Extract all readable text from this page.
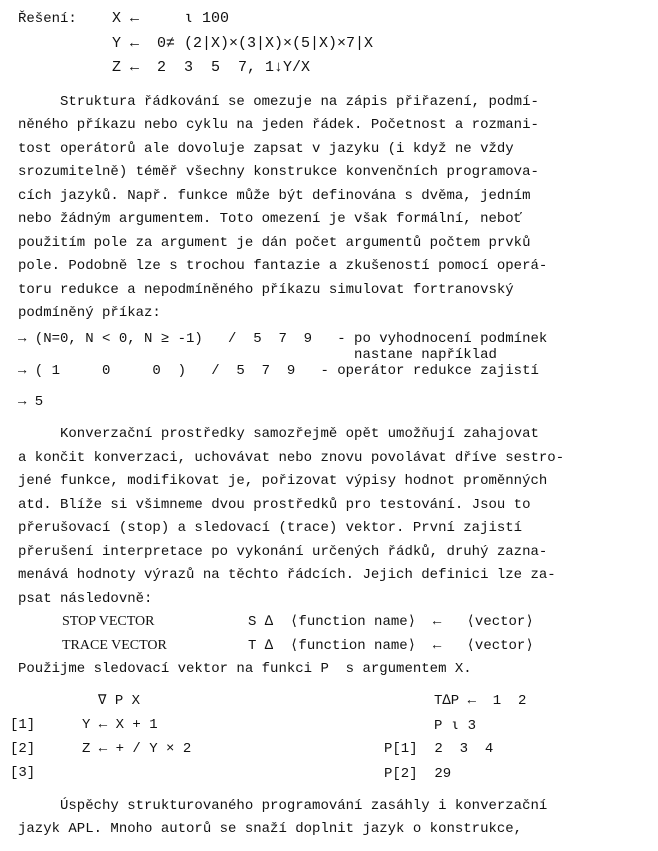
Řešení: X ←     ⍳ 100
Y ←  0≠ (2|X)×(3|X)×(5|X)×7|X
Z ←  2  3  5  7, 1↓Y/X
Struktura řádkování se omezuje na zápis přiřazení, podmí-
něného příkazu nebo cyklu na jeden řádek. Početnost a rozmani-
tost operátorů ale dovoluje zapsat v jazyku (i když ne vždy
srozumitelně) téměř všechny konstrukce konvenčních programova-
cích jazyků. Např. funkce může být definována s dvěma, jedním
nebo žádným argumentem. Toto omezení je však formální, neboť
použitím pole za argument je dán počet argumentů počtem prvků
pole. Podobně lze s trochou fantazie a zkušeností pomocí operá-
toru redukce a nepodmíněného příkazu simulovat fortranovský
podmíněný příkaz:
→ (N=0, N < 0, N ≥ -1)   /  5  7  9   - po vyhodnocení podmínek
nastane například
→ ( 1     0     0  )   /  5  7  9   - operátor redukce zajistí
→ 5
Konverzační prostředky samozřejmě opět umožňují zahajovat
a končit konverzaci, uchovávat nebo znovu povolávat dříve sestro-
jené funkce, modifikovat je, pořizovat výpisy hodnot proměnných
atd. Blíže si všimneme dvou prostředků pro testování. Jsou to
přerušovací (stop) a sledovací (trace) vektor. První zajistí
přerušení interpretace po vykonání určených řádků, druhý zazna-
menává hodnoty výrazů na těchto řádcích. Jejich definici lze za-
psat následovně:
STOP VECTOR	S ∆  ⟨function name⟩  ←   ⟨vector⟩
TRACE VECTOR	T ∆  ⟨function name⟩  ←   ⟨vector⟩
Použijme sledovací vektor na funkci P  s argumentem X.
∇ P X
[1]	Y ← X + 1
[2]	Z ← + / Y × 2
[3]
T∆P ←  1  2
P ⍳ 3
P[1]  2  3  4
P[2]  29
Úspěchy strukturovaného programování zasáhly i konverzační
jazyk APL. Mnoho autorů se snaží doplnit jazyk o konstrukce,
